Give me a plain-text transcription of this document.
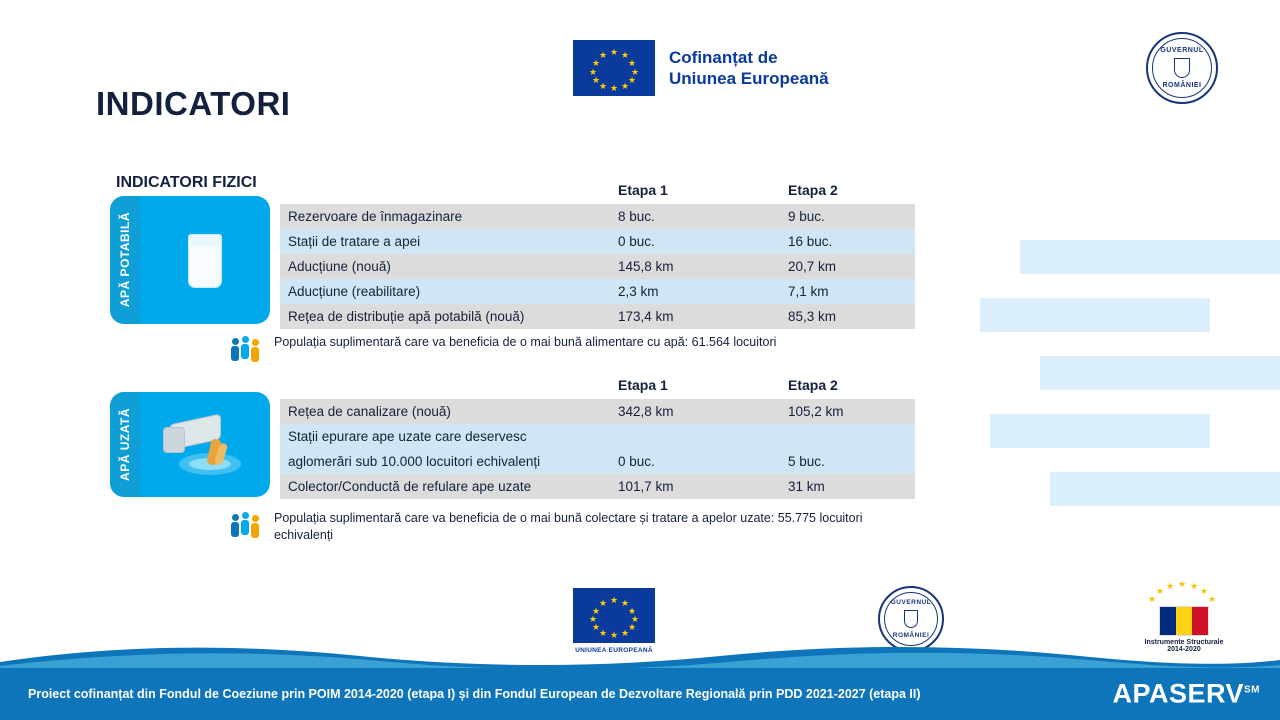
★ ★
★
★
★
★
★
★
★
★
★
★	Cofinanțat de
Uniunea Europeană
GUVERNUL
ROMÂNIEI
INDICATORI
INDICATORI FIZICI
APĂ POTABILĂ
	Etapa 1	Etapa 2
Rezervoare de înmagazinare	8 buc.	9 buc.
Stații de tratare a apei	0 buc.	16 buc.
Aducțiune (nouă)	145,8 km	20,7 km
Aducțiune (reabilitare)	2,3 km	7,1 km
Rețea de distribuție apă potabilă (nouă)	173,4 km	85,3 km
Populația suplimentară care va beneficia de o mai bună alimentare cu apă: 61.564 locuitori
APĂ UZATĂ
	Etapa 1	Etapa 2
Rețea de canalizare (nouă)	342,8 km	105,2 km
Stații epurare ape uzate care deservesc		
aglomerări sub 10.000 locuitori echivalenți	0 buc.	5 buc.
Colector/Conductă de refulare ape uzate	101,7 km	31 km
Populația suplimentară care va beneficia de o mai bună colectare și tratare a apelor uzate: 55.775 locuitori echivalenți
★ ★
★
★
★
★
★
★
★
★
★
★
UNIUNEA EUROPEANĂ
GUVERNUL
ROMÂNIEI
★
★ ★ ★ ★ ★
★
Instrumente Structurale
2014-2020
Proiect cofinanțat din Fondul de Coeziune prin POIM 2014-2020 (etapa I) și din Fondul European de Dezvoltare Regională prin PDD 2021-2027 (etapa II)	APASERV℠
